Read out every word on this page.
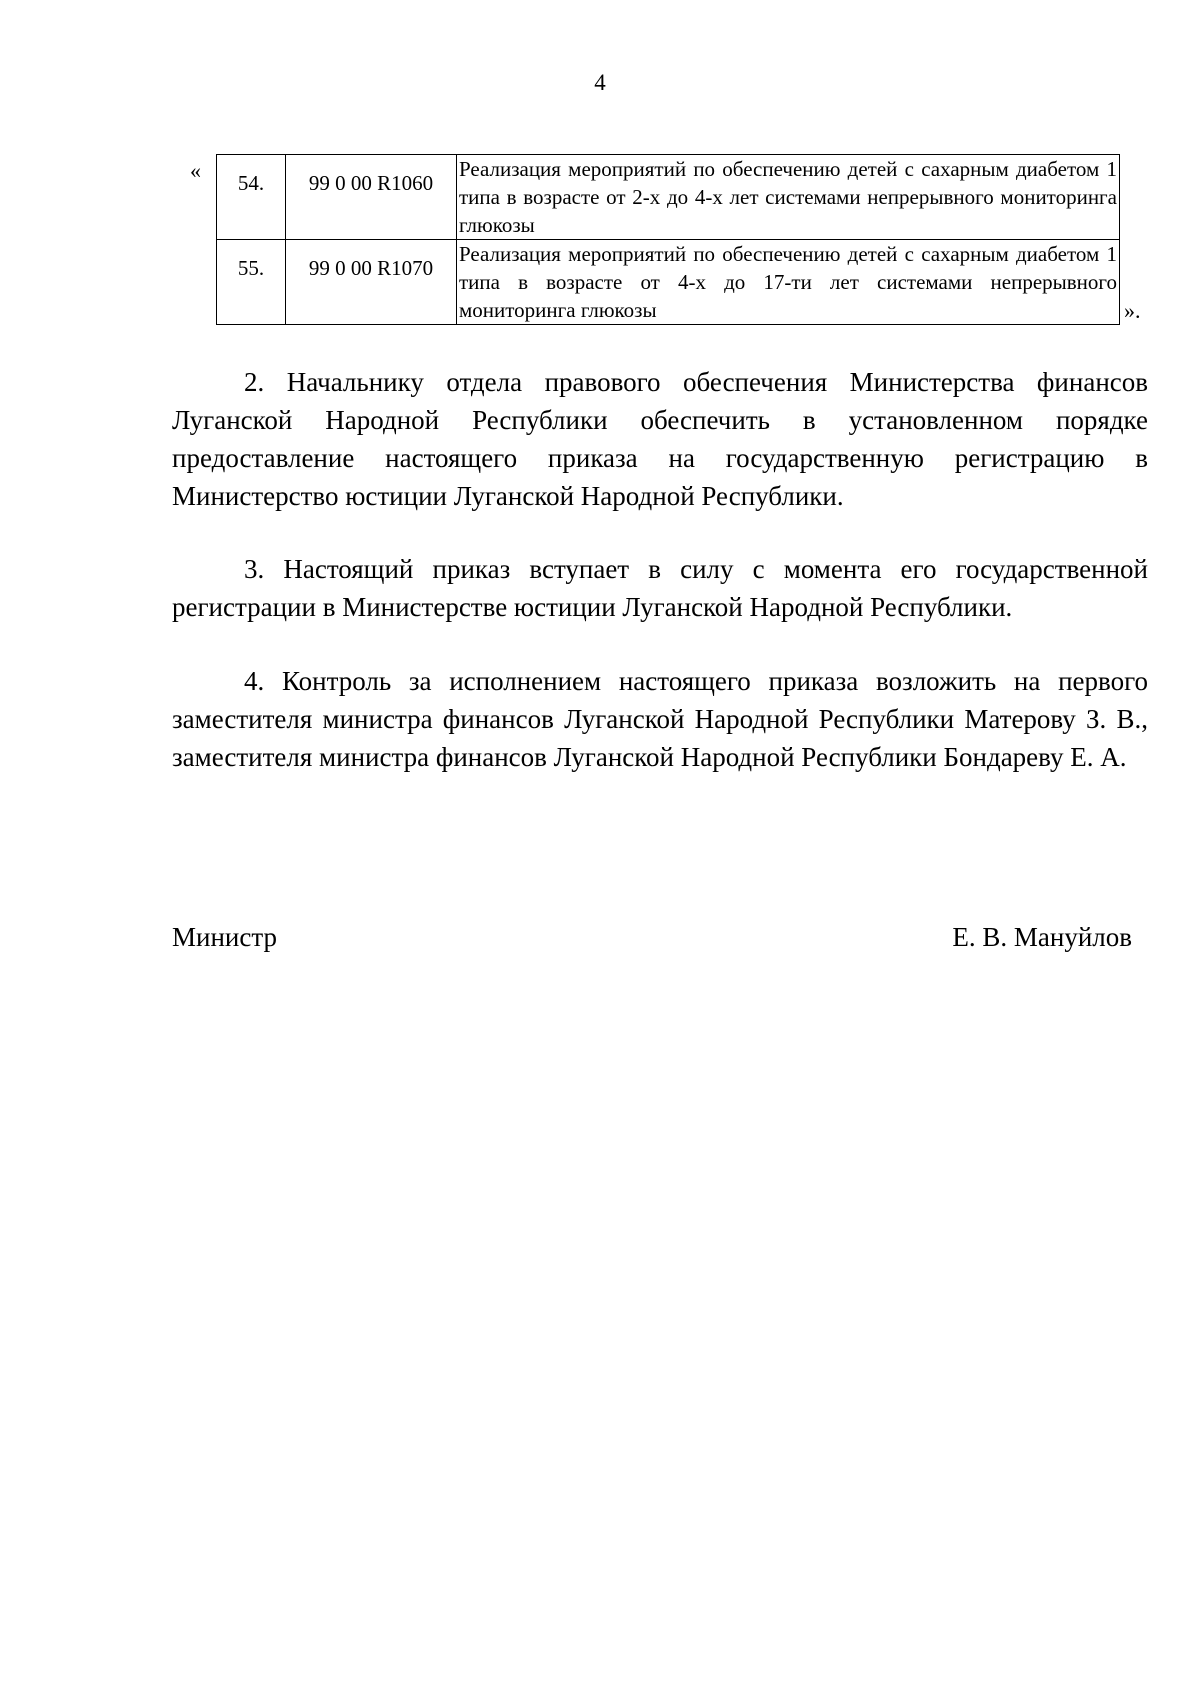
4
« 54.	99 0 00 R1060	Реализация мероприятий по обеспечению детей с сахарным диабетом 1 типа в возрасте от 2-х до 4-х лет системами непрерывного мониторинга глюкозы
55.	99 0 00 R1070	Реализация мероприятий по обеспечению детей с сахарным диабетом 1 типа в возрасте от 4-х до 17-ти лет системами непрерывного мониторинга глюкозы	».

2. Начальнику отдела правового обеспечения Министерства финансов Луганской Народной Республики обеспечить в установленном порядке предоставление настоящего приказа на государственную регистрацию в Министерство юстиции Луганской Народной Республики.

3. Настоящий приказ вступает в силу с момента его государственной регистрации в Министерстве юстиции Луганской Народной Республики.

4. Контроль за исполнением настоящего приказа возложить на первого заместителя министра финансов Луганской Народной Республики Матерову З. В., заместителя министра финансов Луганской Народной Республики Бондареву Е. А.

Министр	Е. В. Мануйлов
